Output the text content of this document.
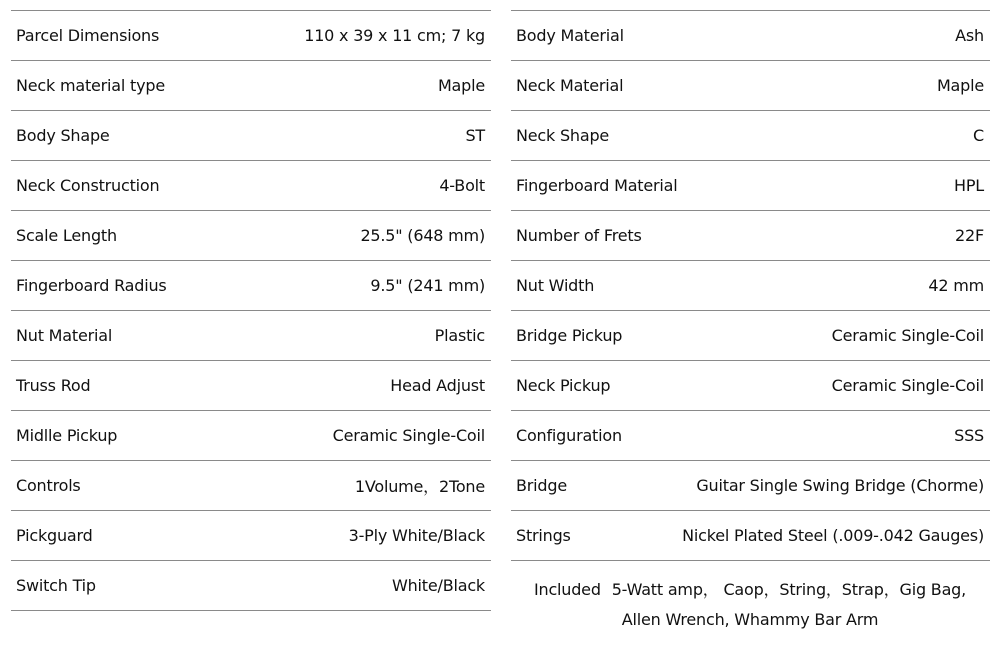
Parcel Dimensions	110 x 39 x 11 cm; 7 kg
Neck material type	Maple
Body Shape	ST
Neck Construction	4-Bolt
Scale Length	25.5" (648 mm)
Fingerboard Radius	9.5" (241 mm)
Nut Material	Plastic
Truss Rod	Head Adjust
Midlle Pickup	Ceramic Single-Coil
Controls	1Volume，2Tone
Pickguard	3-Ply White/Black
Switch Tip	White/Black
Body Material	Ash
Neck Material	Maple
Neck Shape	C
Fingerboard Material	HPL
Number of Frets	22F
Nut Width	42 mm
Bridge Pickup	Ceramic Single-Coil
Neck Pickup	Ceramic Single-Coil
Configuration	SSS
Bridge	Guitar Single Swing Bridge (Chorme)
Strings	Nickel Plated Steel (.009-.042 Gauges)
Included 5-Watt amp， Caop，String，Strap，Gig Bag, Allen Wrench, Whammy Bar Arm
